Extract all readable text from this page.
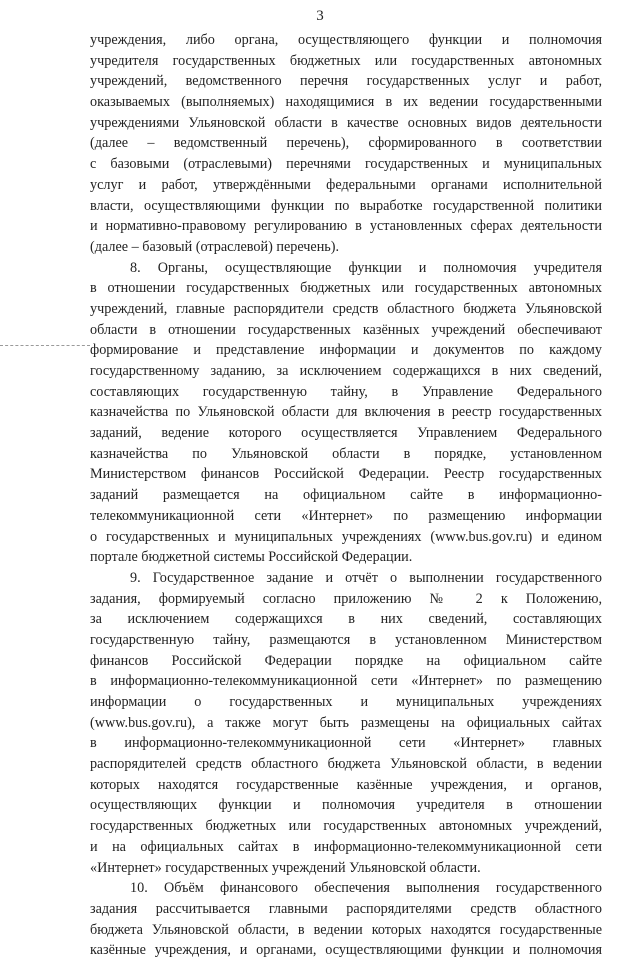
3
учреждения, либо органа, осуществляющего функции и полномочия
учредителя государственных бюджетных или государственных автономных
учреждений, ведомственного перечня государственных услуг и работ,
оказываемых (выполняемых) находящимися в их ведении государственными
учреждениями Ульяновской области в качестве основных видов деятельности
(далее – ведомственный перечень), сформированного в соответствии
с базовыми (отраслевыми) перечнями государственных и муниципальных
услуг и работ, утверждёнными федеральными органами исполнительной
власти, осуществляющими функции по выработке государственной политики
и нормативно-правовому регулированию в установленных сферах деятельности
(далее – базовый (отраслевой) перечень).
8. Органы, осуществляющие функции и полномочия учредителя
в отношении государственных бюджетных или государственных автономных
учреждений, главные распорядители средств областного бюджета Ульяновской
области в отношении государственных казённых учреждений обеспечивают
формирование и представление информации и документов по каждому
государственному заданию, за исключением содержащихся в них сведений,
составляющих государственную тайну, в Управление Федерального
казначейства по Ульяновской области для включения в реестр государственных
заданий, ведение которого осуществляется Управлением Федерального
казначейства по Ульяновской области в порядке, установленном
Министерством финансов Российской Федерации. Реестр государственных
заданий размещается на официальном сайте в информационно-
телекоммуникационной сети «Интернет» по размещению информации
о государственных и муниципальных учреждениях (www.bus.gov.ru) и едином
портале бюджетной системы Российской Федерации.
9. Государственное задание и отчёт о выполнении государственного
задания, формируемый согласно приложению № 2 к Положению,
за исключением содержащихся в них сведений, составляющих
государственную тайну, размещаются в установленном Министерством
финансов Российской Федерации порядке на официальном сайте
в информационно-телекоммуникационной сети «Интернет» по размещению
информации о государственных и муниципальных учреждениях
(www.bus.gov.ru), а также могут быть размещены на официальных сайтах
в информационно-телекоммуникационной сети «Интернет» главных
распорядителей средств областного бюджета Ульяновской области, в ведении
которых находятся государственные казённые учреждения, и органов,
осуществляющих функции и полномочия учредителя в отношении
государственных бюджетных или государственных автономных учреждений,
и на официальных сайтах в информационно-телекоммуникационной сети
«Интернет» государственных учреждений Ульяновской области.
10. Объём финансового обеспечения выполнения государственного
задания рассчитывается главными распорядителями средств областного
бюджета Ульяновской области, в ведении которых находятся государственные
казённые учреждения, и органами, осуществляющими функции и полномочия
